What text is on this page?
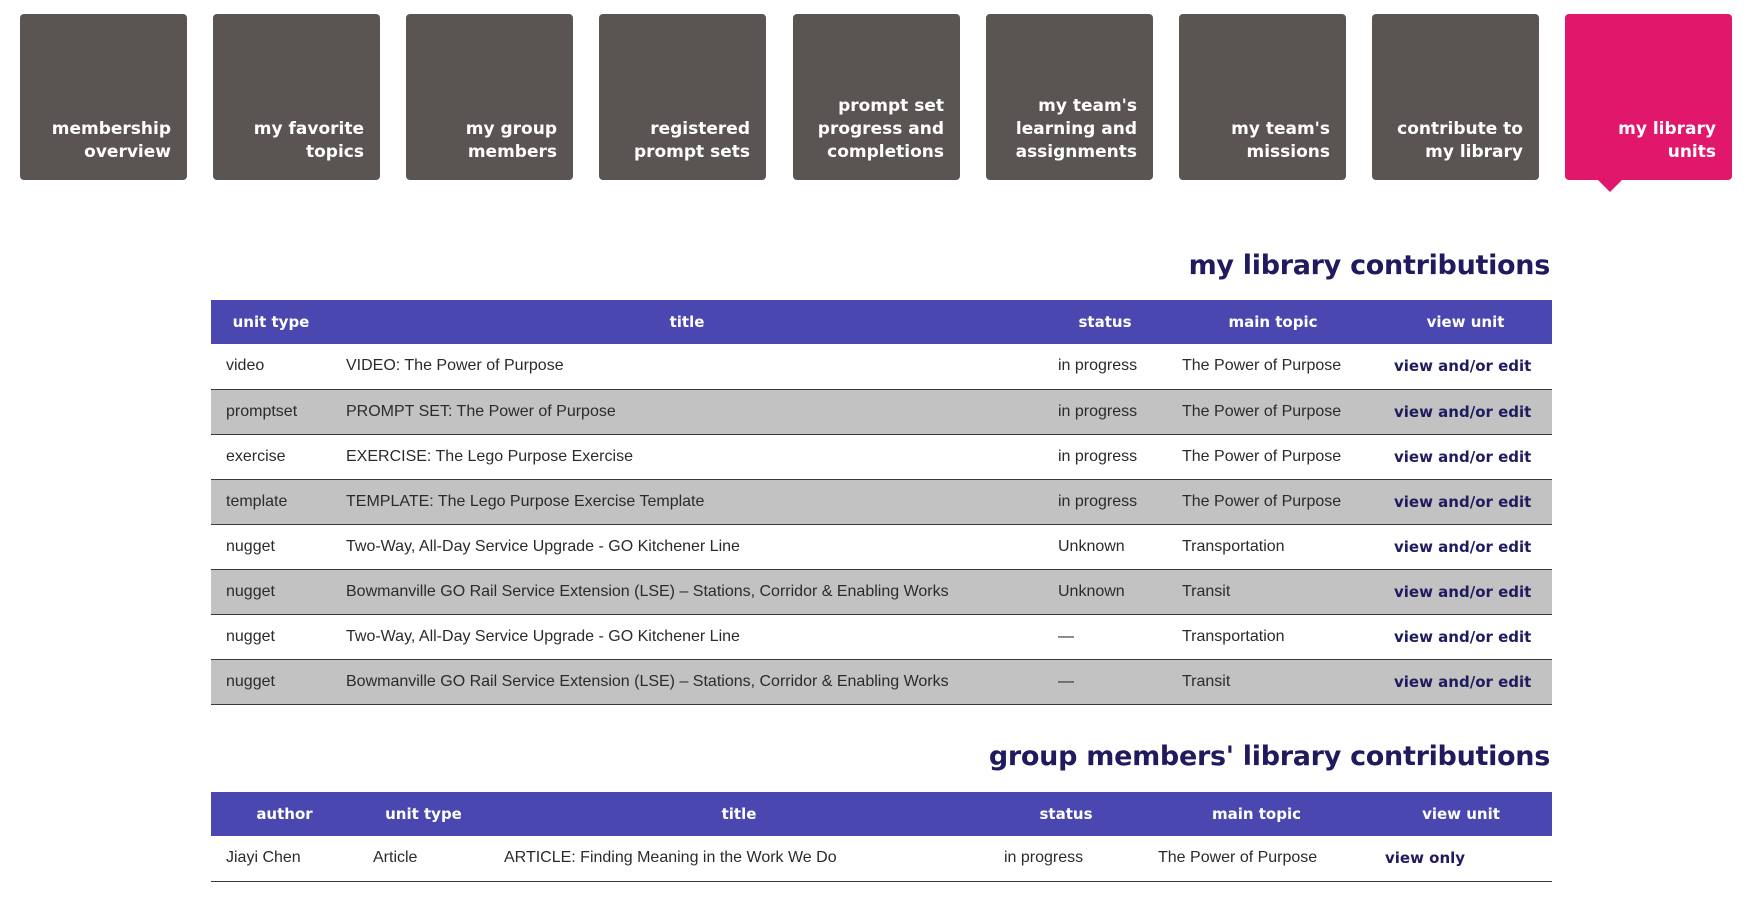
membership
overview
my favorite
topics
my group
members
registered
prompt sets
prompt set
progress and
completions
my team's
learning and
assignments
my team's
missions
contribute to
my library
my library
units
my library contributions
unit type	title	status	main topic	view unit
video	VIDEO: The Power of Purpose	in progress	The Power of Purpose	view and/or edit
promptset	PROMPT SET: The Power of Purpose	in progress	The Power of Purpose	view and/or edit
exercise	EXERCISE: The Lego Purpose Exercise	in progress	The Power of Purpose	view and/or edit
template	TEMPLATE: The Lego Purpose Exercise Template	in progress	The Power of Purpose	view and/or edit
nugget	Two-Way, All-Day Service Upgrade - GO Kitchener Line	Unknown	Transportation	view and/or edit
nugget	Bowmanville GO Rail Service Extension (LSE) – Stations, Corridor & Enabling Works	Unknown	Transit	view and/or edit
nugget	Two-Way, All-Day Service Upgrade - GO Kitchener Line	—	Transportation	view and/or edit
nugget	Bowmanville GO Rail Service Extension (LSE) – Stations, Corridor & Enabling Works	—	Transit	view and/or edit
group members' library contributions
author	unit type	title	status	main topic	view unit
Jiayi Chen	Article	ARTICLE: Finding Meaning in the Work We Do	in progress	The Power of Purpose	view only
